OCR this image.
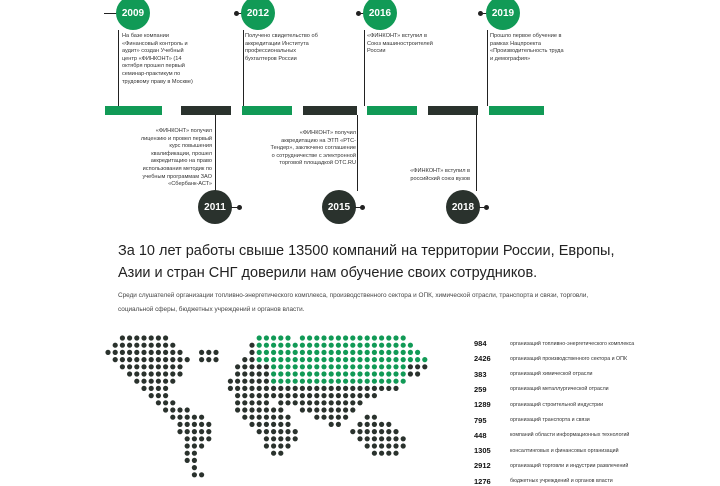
2009
На базе компании «Финансовый контроль и аудит» создан Учебный центр «ФИНКОНТ» (14 октября прошел первый семинар-практикум по трудовому праву в Москве)
2012
Получено свидетельство об аккредитации Института профессиональных бухгалтеров России
2016
«ФИНКОНТ» вступил в Союз машиностроителей России
2019
Прошло первое обучение в рамках Нацпроекта «Производительность труда и демография»
«ФИНКОНТ» получил лицензию и провел первый курс повышения квалификации, прошел аккредитацию на право использования методик по учебным программам ЗАО «Сбербанк-АСТ»
2011
«ФИНКОНТ» получил аккредитацию на ЭТП «РТС-Тендер», заключено соглашение о сотрудничестве с электронной торговой площадкой OTC.RU
2015
«ФИНКОНТ» вступил в российский союз вузов
2018
За 10 лет работы свыше 13500 компаний на территории России, Европы, Азии и стран СНГ доверили нам обучение своих сотрудников.
Среди слушателей организации топливно-энергетического комплекса, производственного сектора и ОПК, химической отрасли, транспорта и связи, торговли, социальной сферы, бюджетных учреждений и органов власти.
984	организаций топливно-энергетического комплекса
2426	организаций производственного сектора и ОПК
383	организаций химической отрасли
259	организаций металлургической отрасли
1289	организаций строительной индустрии
795	организаций транспорта и связи
448	компаний области информационных технологий
1305	консалтинговых и финансовых организаций
2912	организаций торговли и индустрии развлечений
1276	бюджетных учреждений и органов власти
